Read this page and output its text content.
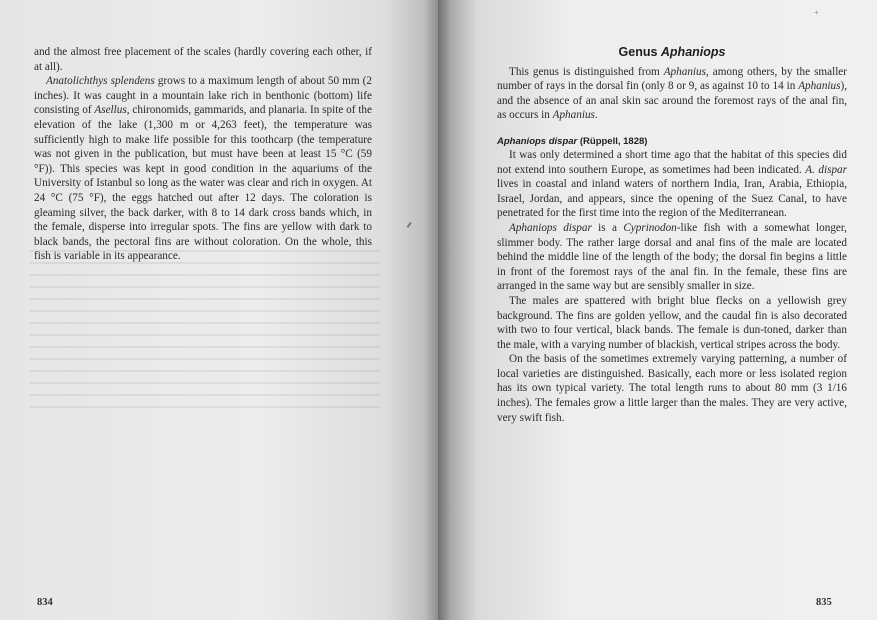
and the almost free placement of the scales (hardly covering each other, if at all).

Anatolichthys splendens grows to a maximum length of about 50 mm (2 inches). It was caught in a mountain lake rich in benthonic (bottom) life consisting of Asellus, chironomids, gammarids, and planaria. In spite of the elevation of the lake (1,300 m or 4,263 feet), the temperature was sufficiently high to make life possible for this toothcarp (the temperature was not given in the publication, but must have been at least 15 °C (59 °F)). This species was kept in good condition in the aquariums of the University of Istanbul so long as the water was clear and rich in oxygen. At 24 °C (75 °F), the eggs hatched out after 12 days. The coloration is gleaming silver, the back darker, with 8 to 14 dark cross bands which, in the female, disperse into irregular spots. The fins are yellow with dark to black bands, the pectoral fins are without coloration. On the whole, this fish is variable in its appearance.

834
+
Genus Aphaniops

This genus is distinguished from Aphanius, among others, by the smaller number of rays in the dorsal fin (only 8 or 9, as against 10 to 14 in Aphanius), and the absence of an anal skin sac around the foremost rays of the anal fin, as occurs in Aphanius.

Aphaniops dispar (Rüppell, 1828)

It was only determined a short time ago that the habitat of this species did not extend into southern Europe, as sometimes had been indicated. A. dispar lives in coastal and inland waters of northern India, Iran, Arabia, Ethiopia, Israel, Jordan, and appears, since the opening of the Suez Canal, to have penetrated for the first time into the region of the Mediterranean.

Aphaniops dispar is a Cyprinodon-like fish with a somewhat longer, slimmer body. The rather large dorsal and anal fins of the male are located behind the middle line of the length of the body; the dorsal fin begins a little in front of the foremost rays of the anal fin. In the female, these fins are arranged in the same way but are sensibly smaller in size.

The males are spattered with bright blue flecks on a yellowish grey background. The fins are golden yellow, and the caudal fin is also decorated with two to four vertical, black bands. The female is dun-toned, darker than the male, with a varying number of blackish, vertical stripes across the body.

On the basis of the sometimes extremely varying patterning, a number of local varieties are distinguished. Basically, each more or less isolated region has its own typical variety. The total length runs to about 80 mm (3 1/16 inches). The females grow a little larger than the males. They are very active, very swift fish.

835
